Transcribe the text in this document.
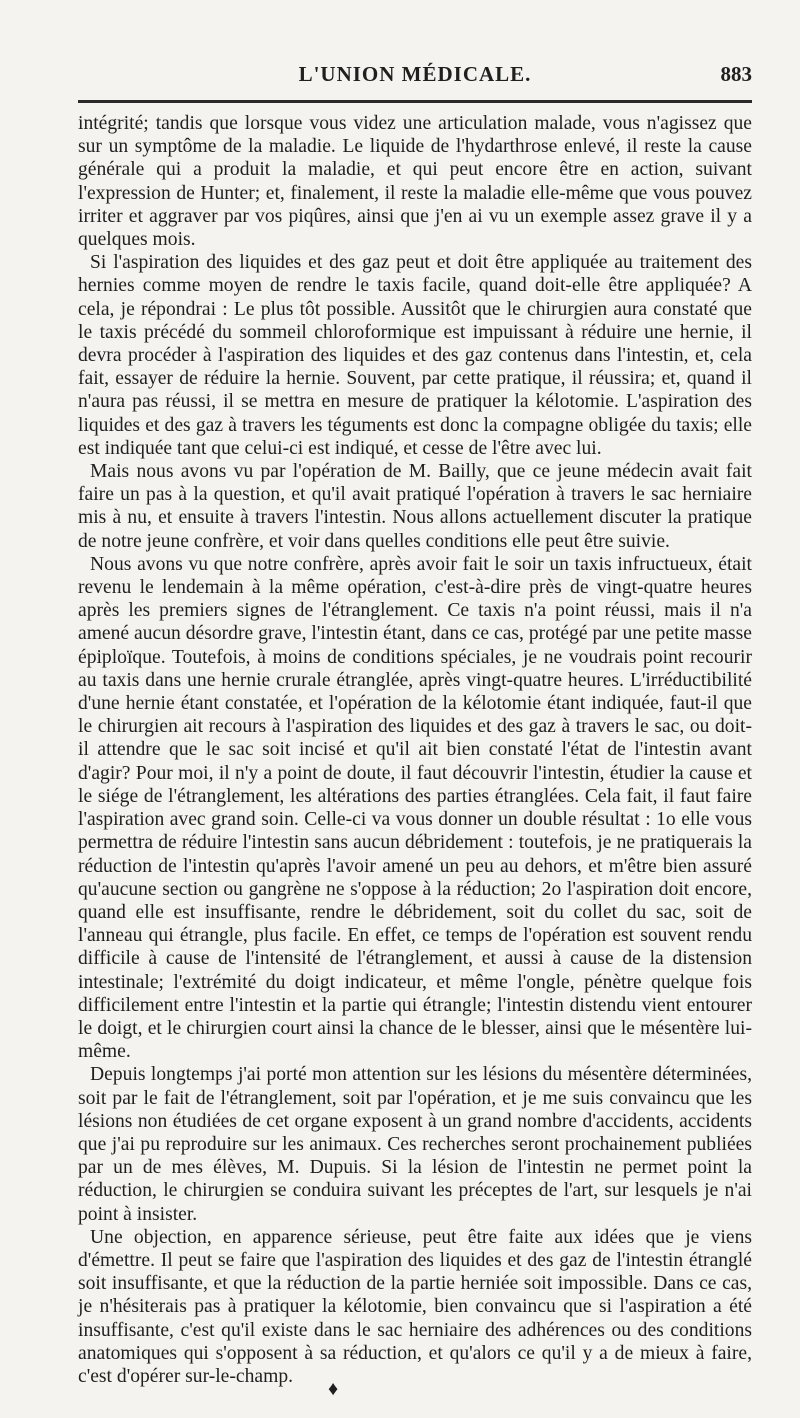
L'UNION MÉDICALE.	883

intégrité; tandis que lorsque vous videz une articulation malade, vous n'agissez que sur un symptôme de la maladie. Le liquide de l'hydarthrose enlevé, il reste la cause générale qui a produit la maladie, et qui peut encore être en action, suivant l'expression de Hunter; et, finalement, il reste la maladie elle-même que vous pouvez irriter et aggraver par vos piqûres, ainsi que j'en ai vu un exemple assez grave il y a quelques mois.

Si l'aspiration des liquides et des gaz peut et doit être appliquée au traitement des hernies comme moyen de rendre le taxis facile, quand doit-elle être appliquée? A cela, je répondrai : Le plus tôt possible. Aussitôt que le chirurgien aura constaté que le taxis précédé du sommeil chloroformique est impuissant à réduire une hernie, il devra procéder à l'aspiration des liquides et des gaz contenus dans l'intestin, et, cela fait, essayer de réduire la hernie. Souvent, par cette pratique, il réussira; et, quand il n'aura pas réussi, il se mettra en mesure de pratiquer la kélotomie. L'aspiration des liquides et des gaz à travers les téguments est donc la compagne obligée du taxis; elle est indiquée tant que celui-ci est indiqué, et cesse de l'être avec lui.

Mais nous avons vu par l'opération de M. Bailly, que ce jeune médecin avait fait faire un pas à la question, et qu'il avait pratiqué l'opération à travers le sac herniaire mis à nu, et ensuite à travers l'intestin. Nous allons actuellement discuter la pratique de notre jeune confrère, et voir dans quelles conditions elle peut être suivie.

Nous avons vu que notre confrère, après avoir fait le soir un taxis infructueux, était revenu le lendemain à la même opération, c'est-à-dire près de vingt-quatre heures après les premiers signes de l'étranglement. Ce taxis n'a point réussi, mais il n'a amené aucun désordre grave, l'intestin étant, dans ce cas, protégé par une petite masse épiploïque. Toutefois, à moins de conditions spéciales, je ne voudrais point recourir au taxis dans une hernie crurale étranglée, après vingt-quatre heures. L'irréductibilité d'une hernie étant constatée, et l'opération de la kélotomie étant indiquée, faut-il que le chirurgien ait recours à l'aspiration des liquides et des gaz à travers le sac, ou doit-il attendre que le sac soit incisé et qu'il ait bien constaté l'état de l'intestin avant d'agir? Pour moi, il n'y a point de doute, il faut découvrir l'intestin, étudier la cause et le siége de l'étranglement, les altérations des parties étranglées. Cela fait, il faut faire l'aspiration avec grand soin. Celle-ci va vous donner un double résultat : 1o elle vous permettra de réduire l'intestin sans aucun débridement : toutefois, je ne pratiquerais la réduction de l'intestin qu'après l'avoir amené un peu au dehors, et m'être bien assuré qu'aucune section ou gangrène ne s'oppose à la réduction; 2o l'aspiration doit encore, quand elle est insuffisante, rendre le débridement, soit du collet du sac, soit de l'anneau qui étrangle, plus facile. En effet, ce temps de l'opération est souvent rendu difficile à cause de l'intensité de l'étranglement, et aussi à cause de la distension intestinale; l'extrémité du doigt indicateur, et même l'ongle, pénètre quelque fois difficilement entre l'intestin et la partie qui étrangle; l'intestin distendu vient entourer le doigt, et le chirurgien court ainsi la chance de le blesser, ainsi que le mésentère lui-même.

Depuis longtemps j'ai porté mon attention sur les lésions du mésentère déterminées, soit par le fait de l'étranglement, soit par l'opération, et je me suis convaincu que les lésions non étudiées de cet organe exposent à un grand nombre d'accidents, accidents que j'ai pu reproduire sur les animaux. Ces recherches seront prochainement publiées par un de mes élèves, M. Dupuis. Si la lésion de l'intestin ne permet point la réduction, le chirurgien se conduira suivant les préceptes de l'art, sur lesquels je n'ai point à insister.

Une objection, en apparence sérieuse, peut être faite aux idées que je viens d'émettre. Il peut se faire que l'aspiration des liquides et des gaz de l'intestin étranglé soit insuffisante, et que la réduction de la partie herniée soit impossible. Dans ce cas, je n'hésiterais pas à pratiquer la kélotomie, bien convaincu que si l'aspiration a été insuffisante, c'est qu'il existe dans le sac herniaire des adhérences ou des conditions anatomiques qui s'opposent à sa réduction, et qu'alors ce qu'il y a de mieux à faire, c'est d'opérer sur-le-champ.

♦
